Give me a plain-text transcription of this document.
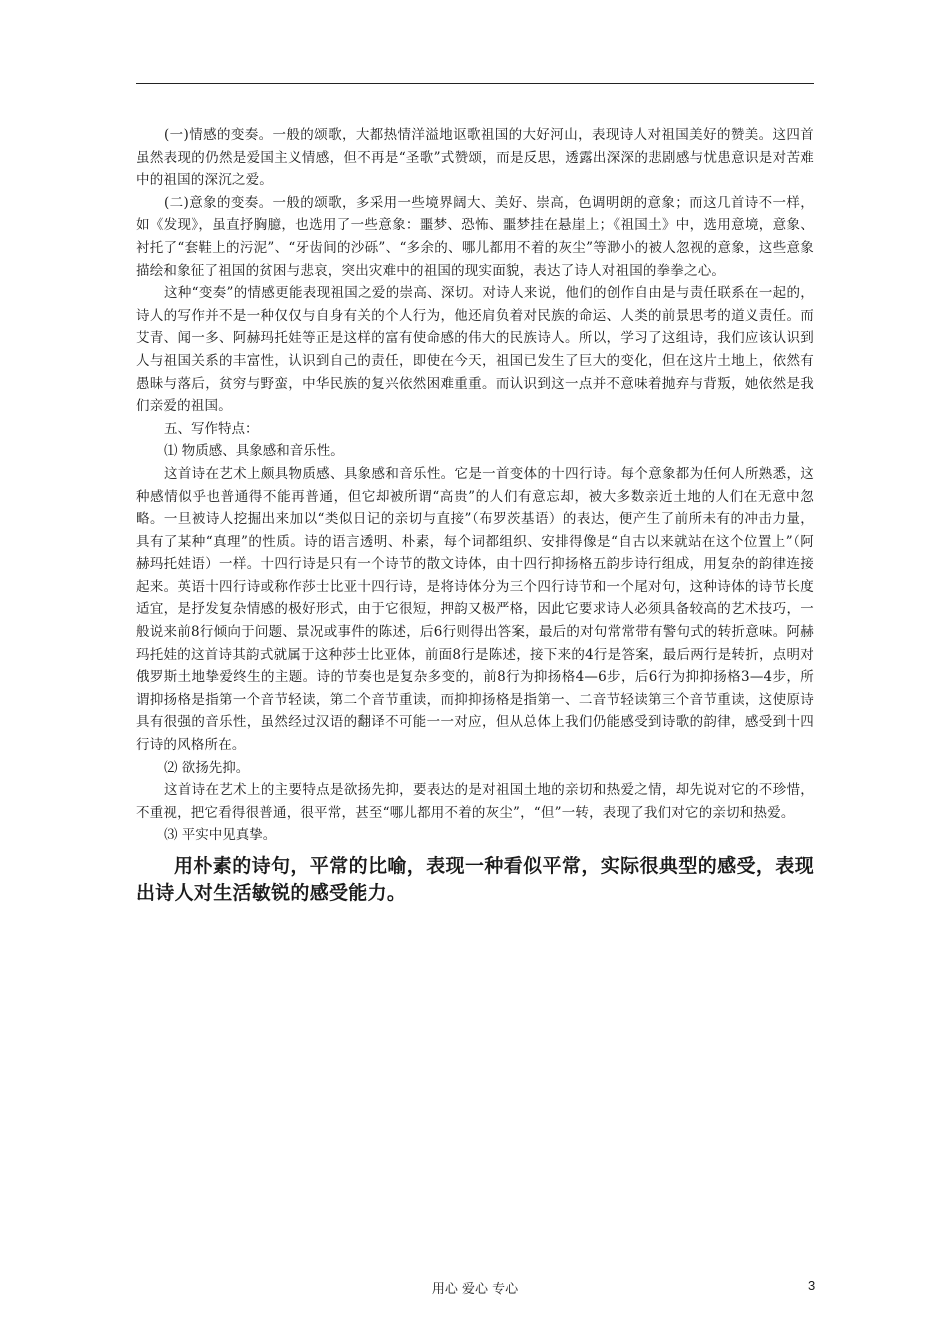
(一)情感的变奏。一般的颂歌，大都热情洋溢地讴歌祖国的大好河山，表现诗人对祖国美好的赞美。这四首虽然表现的仍然是爱国主义情感，但不再是“圣歌”式赞颂，而是反思，透露出深深的悲剧感与忧患意识是对苦难中的祖国的深沉之爱。

(二)意象的变奏。一般的颂歌，多采用一些境界阔大、美好、崇高，色调明朗的意象；而这几首诗不一样，如《发现》，虽直抒胸臆，也选用了一些意象：噩梦、恐怖、噩梦挂在悬崖上；《祖国土》中，选用意境，意象、衬托了“套鞋上的污泥”、“牙齿间的沙砾”、“多余的、哪儿都用不着的灰尘”等渺小的被人忽视的意象，这些意象描绘和象征了祖国的贫困与悲哀，突出灾难中的祖国的现实面貌，表达了诗人对祖国的拳拳之心。

这种“变奏”的情感更能表现祖国之爱的崇高、深切。对诗人来说，他们的创作自由是与责任联系在一起的，诗人的写作并不是一种仅仅与自身有关的个人行为，他还肩负着对民族的命运、人类的前景思考的道义责任。而艾青、闻一多、阿赫玛托娃等正是这样的富有使命感的伟大的民族诗人。所以，学习了这组诗，我们应该认识到人与祖国关系的丰富性，认识到自己的责任，即使在今天，祖国已发生了巨大的变化，但在这片土地上，依然有愚昧与落后，贫穷与野蛮，中华民族的复兴依然困难重重。而认识到这一点并不意味着抛弃与背叛，她依然是我们亲爱的祖国。

五、写作特点：

⑴ 物质感、具象感和音乐性。

这首诗在艺术上颇具物质感、具象感和音乐性。它是一首变体的十四行诗。每个意象都为任何人所熟悉，这种感情似乎也普通得不能再普通，但它却被所谓“高贵”的人们有意忘却，被大多数亲近土地的人们在无意中忽略。一旦被诗人挖掘出来加以“类似日记的亲切与直接”（布罗茨基语）的表达，便产生了前所未有的冲击力量，具有了某种“真理”的性质。诗的语言透明、朴素，每个词都组织、安排得像是“自古以来就站在这个位置上”（阿赫玛托娃语）一样。十四行诗是只有一个诗节的散文诗体，由十四行抑扬格五韵步诗行组成，用复杂的韵律连接起来。英语十四行诗或称作莎士比亚十四行诗，是将诗体分为三个四行诗节和一个尾对句，这种诗体的诗节长度适宜，是抒发复杂情感的极好形式，由于它很短，押韵又极严格，因此它要求诗人必须具备较高的艺术技巧，一般说来前8行倾向于问题、景况或事件的陈述，后6行则得出答案，最后的对句常常带有警句式的转折意味。阿赫玛托娃的这首诗其韵式就属于这种莎士比亚体，前面8行是陈述，接下来的4行是答案，最后两行是转折，点明对俄罗斯土地挚爱终生的主题。诗的节奏也是复杂多变的，前8行为抑扬格4—6步，后6行为抑抑扬格3—4步，所谓抑扬格是指第一个音节轻读，第二个音节重读，而抑抑扬格是指第一、二音节轻读第三个音节重读，这使原诗具有很强的音乐性，虽然经过汉语的翻译不可能一一对应，但从总体上我们仍能感受到诗歌的韵律，感受到十四行诗的风格所在。

⑵ 欲扬先抑。

这首诗在艺术上的主要特点是欲扬先抑，要表达的是对祖国土地的亲切和热爱之情，却先说对它的不珍惜，不重视，把它看得很普通，很平常，甚至“哪儿都用不着的灰尘”，“但”一转，表现了我们对它的亲切和热爱。

⑶ 平实中见真挚。

用朴素的诗句，平常的比喻，表现一种看似平常，实际很典型的感受，表现出诗人对生活敏锐的感受能力。

用心 爱心 专心	3
